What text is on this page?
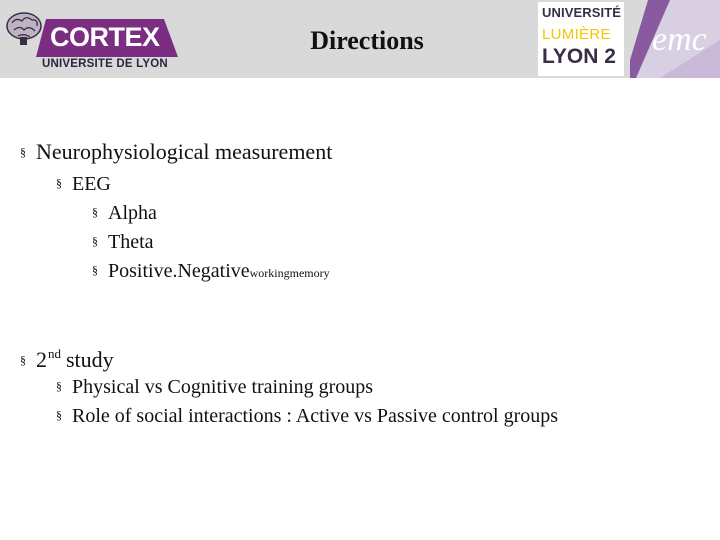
CORTEX
UNIVERSITE DE LYON
Directions
UNIVERSITÉ
LUMIÈRE
LYON 2 emc
§ Neurophysiological measurement
§ EEG
§ Alpha
§ Theta
§ Positive.Negativeworkingmemory
§ 2nd study
§ Physical vs Cognitive training groups
§ Role of social interactions : Active vs Passive control groups
